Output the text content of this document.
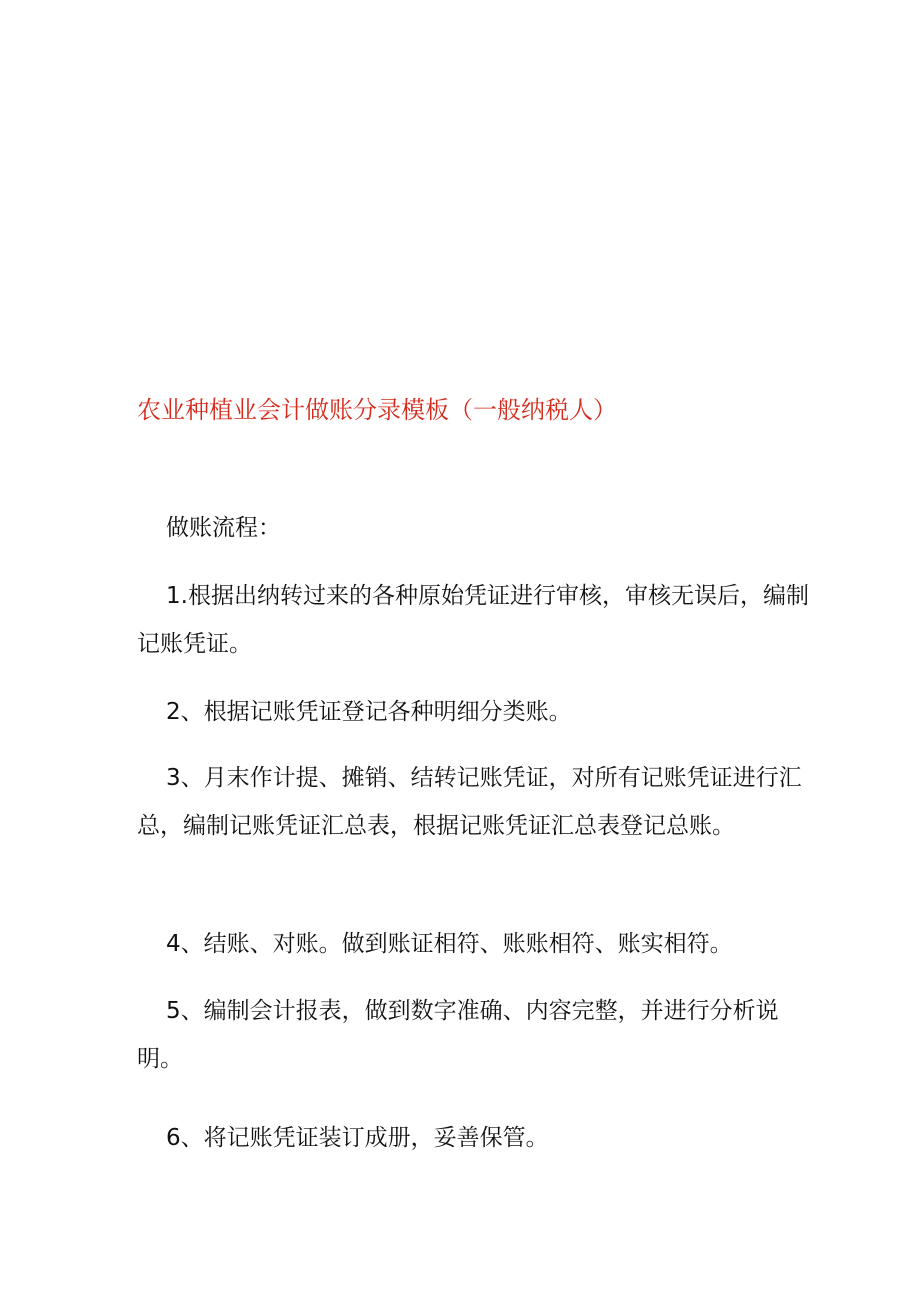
农业种植业会计做账分录模板（一般纳税人）

做账流程：

1.根据出纳转过来的各种原始凭证进行审核，审核无误后，编制记账凭证。

2、根据记账凭证登记各种明细分类账。

3、月末作计提、摊销、结转记账凭证，对所有记账凭证进行汇总，编制记账凭证汇总表，根据记账凭证汇总表登记总账。

4、结账、对账。做到账证相符、账账相符、账实相符。

5、编制会计报表，做到数字准确、内容完整，并进行分析说明。

6、将记账凭证装订成册，妥善保管。
